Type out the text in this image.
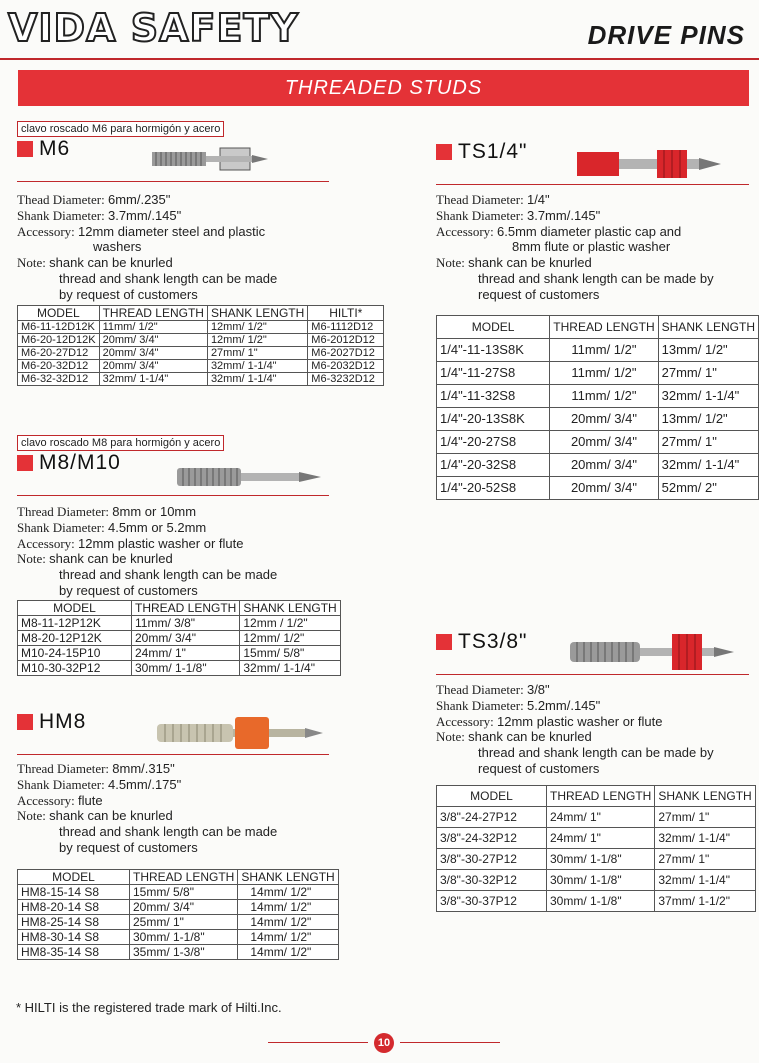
VIDA SAFETY	DRIVE PINS
THREADED STUDS
clavo roscado M6 para hormigón y acero
M6
Thead Diameter: 6mm/.235"
Shank Diameter: 3.7mm/.145"
Accessory: 12mm diameter steel and plastic
washers
Note: shank can be knurled
thread and shank length can be made
by request of customers
MODEL	THREAD LENGTH	SHANK LENGTH	HILTI*
M6-11-12D12K	11mm/ 1/2"	12mm/ 1/2"	M6-1112D12
M6-20-12D12K	20mm/ 3/4"	12mm/ 1/2"	M6-2012D12
M6-20-27D12	20mm/ 3/4"	27mm/ 1"	M6-2027D12
M6-20-32D12	20mm/ 3/4"	32mm/ 1-1/4"	M6-2032D12
M6-32-32D12	32mm/ 1-1/4"	32mm/ 1-1/4"	M6-3232D12
clavo roscado M8 para hormigón y acero
M8/M10
Thread Diameter: 8mm or 10mm
Shank Diameter: 4.5mm or 5.2mm
Accessory: 12mm plastic washer or flute
Note: shank can be knurled
thread and shank length can be made
by request of customers
MODEL	THREAD LENGTH	SHANK LENGTH
M8-11-12P12K	11mm/ 3/8"	12mm / 1/2"
M8-20-12P12K	20mm/ 3/4"	12mm/ 1/2"
M10-24-15P10	24mm/ 1"	15mm/ 5/8"
M10-30-32P12	30mm/ 1-1/8"	32mm/ 1-1/4"
HM8
Thread Diameter: 8mm/.315"
Shank Diameter: 4.5mm/.175"
Accessory: flute
Note: shank can be knurled
thread and shank length can be made
by request of customers
MODEL	THREAD LENGTH	SHANK LENGTH
HM8-15-14 S8	15mm/ 5/8"	14mm/ 1/2"
HM8-20-14 S8	20mm/ 3/4"	14mm/ 1/2"
HM8-25-14 S8	25mm/ 1"	14mm/ 1/2"
HM8-30-14 S8	30mm/ 1-1/8"	14mm/ 1/2"
HM8-35-14 S8	35mm/ 1-3/8"	14mm/ 1/2"
TS1/4"
Thead Diameter: 1/4"
Shank Diameter: 3.7mm/.145"
Accessory: 6.5mm diameter plastic cap and
8mm flute or plastic washer
Note: shank can be knurled
thread and shank length can be made by
request of customers
MODEL	THREAD LENGTH	SHANK LENGTH
1/4"-11-13S8K	11mm/ 1/2"	13mm/ 1/2"
1/4"-11-27S8	11mm/ 1/2"	27mm/ 1"
1/4"-11-32S8	11mm/ 1/2"	32mm/ 1-1/4"
1/4"-20-13S8K	20mm/ 3/4"	13mm/ 1/2"
1/4"-20-27S8	20mm/ 3/4"	27mm/ 1"
1/4"-20-32S8	20mm/ 3/4"	32mm/ 1-1/4"
1/4"-20-52S8	20mm/ 3/4"	52mm/ 2"
TS3/8"
Thead Diameter: 3/8"
Shank Diameter: 5.2mm/.145"
Accessory: 12mm plastic washer or flute
Note: shank can be knurled
thread and shank length can be made by
request of customers
MODEL	THREAD LENGTH	SHANK LENGTH
3/8"-24-27P12	24mm/ 1"	27mm/ 1"
3/8"-24-32P12	24mm/ 1"	32mm/ 1-1/4"
3/8"-30-27P12	30mm/ 1-1/8"	27mm/ 1"
3/8"-30-32P12	30mm/ 1-1/8"	32mm/ 1-1/4"
3/8"-30-37P12	30mm/ 1-1/8"	37mm/ 1-1/2"
* HILTI is the registered trade mark of Hilti.Inc.
10
